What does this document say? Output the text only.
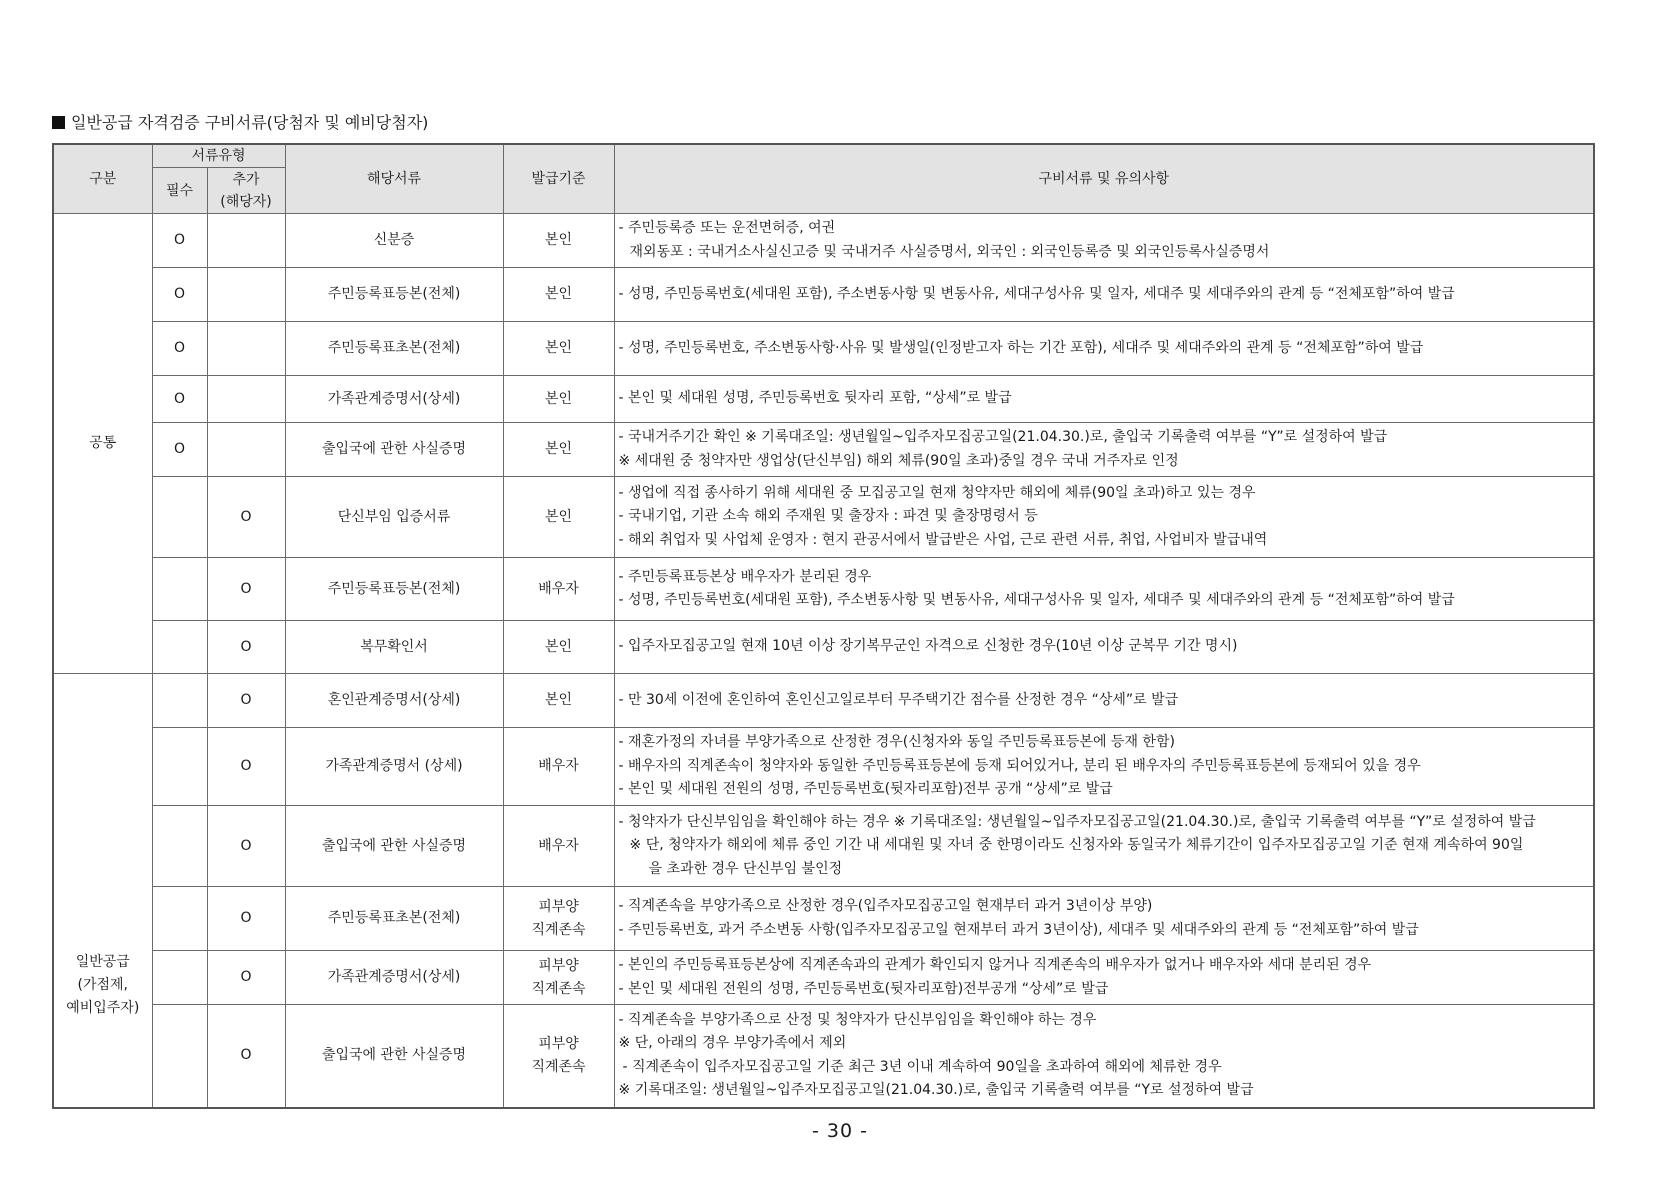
일반공급 자격검증 구비서류(당첨자 및 예비당첨자)
구분	서류유형		해당서류	발급기준	구비서류 및 유의사항
	필수	추가
(해당자)			

공통	O		신분증	본인	- 주민등록증 또는 운전면허증, 여권
재외동포 : 국내거소사실신고증 및 국내거주 사실증명서, 외국인 : 외국인등록증 및 외국인등록사실증명서

	O		주민등록표등본(전체)	본인	- 성명, 주민등록번호(세대원 포함), 주소변동사항 및 변동사유, 세대구성사유 및 일자, 세대주 및 세대주와의 관계 등 “전체포함”하여 발급

	O		주민등록표초본(전체)	본인	- 성명, 주민등록번호, 주소변동사항·사유 및 발생일(인정받고자 하는 기간 포함), 세대주 및 세대주와의 관계 등 “전체포함”하여 발급

	O		가족관계증명서(상세)	본인	- 본인 및 세대원 성명, 주민등록번호 뒷자리 포함, “상세”로 발급

	O		출입국에 관한 사실증명	본인	- 국내거주기간 확인 ※ 기록대조일: 생년월일~입주자모집공고일(21.04.30.)로, 출입국 기록출력 여부를 “Y”로 설정하여 발급
※ 세대원 중 청약자만 생업상(단신부임) 해외 체류(90일 초과)중일 경우 국내 거주자로 인정

		O	단신부임 입증서류	본인	- 생업에 직접 종사하기 위해 세대원 중 모집공고일 현재 청약자만 해외에 체류(90일 초과)하고 있는 경우
- 국내기업, 기관 소속 해외 주재원 및 출장자 : 파견 및 출장명령서 등
- 해외 취업자 및 사업체 운영자 : 현지 관공서에서 발급받은 사업, 근로 관련 서류, 취업, 사업비자 발급내역

		O	주민등록표등본(전체)	배우자	- 주민등록표등본상 배우자가 분리된 경우
- 성명, 주민등록번호(세대원 포함), 주소변동사항 및 변동사유, 세대구성사유 및 일자, 세대주 및 세대주와의 관계 등 “전체포함”하여 발급

		O	복무확인서	본인	- 입주자모집공고일 현재 10년 이상 장기복무군인 자격으로 신청한 경우(10년 이상 군복무 기간 명시)

일반공급
(가점제,
예비입주자)		O	혼인관계증명서(상세)	본인	- 만 30세 이전에 혼인하여 혼인신고일로부터 무주택기간 점수를 산정한 경우 “상세”로 발급

		O	가족관계증명서 (상세)	배우자	- 재혼가정의 자녀를 부양가족으로 산정한 경우(신청자와 동일 주민등록표등본에 등재 한함)
- 배우자의 직계존속이 청약자와 동일한 주민등록표등본에 등재 되어있거나, 분리 된 배우자의 주민등록표등본에 등재되어 있을 경우
- 본인 및 세대원 전원의 성명, 주민등록번호(뒷자리포함)전부 공개 “상세”로 발급

		O	출입국에 관한 사실증명	배우자	- 청약자가 단신부임임을 확인해야 하는 경우 ※ 기록대조일: 생년월일~입주자모집공고일(21.04.30.)로, 출입국 기록출력 여부를 “Y”로 설정하여 발급
※ 단, 청약자가 해외에 체류 중인 기간 내 세대원 및 자녀 중 한명이라도 신청자와 동일국가 체류기간이 입주자모집공고일 기준 현재 계속하여 90일
을 초과한 경우 단신부임 불인정

		O	주민등록표초본(전체)	피부양
직계존속	- 직계존속을 부양가족으로 산정한 경우(입주자모집공고일 현재부터 과거 3년이상 부양)
- 주민등록번호, 과거 주소변동 사항(입주자모집공고일 현재부터 과거 3년이상), 세대주 및 세대주와의 관계 등 “전체포함”하여 발급

		O	가족관계증명서(상세)	피부양
직계존속	- 본인의 주민등록표등본상에 직계존속과의 관계가 확인되지 않거나 직계존속의 배우자가 없거나 배우자와 세대 분리된 경우
- 본인 및 세대원 전원의 성명, 주민등록번호(뒷자리포함)전부공개 “상세”로 발급

		O	출입국에 관한 사실증명	피부양
직계존속	- 직계존속을 부양가족으로 산정 및 청약자가 단신부임임을 확인해야 하는 경우
※ 단, 아래의 경우 부양가족에서 제외
- 직계존속이 입주자모집공고일 기준 최근 3년 이내 계속하여 90일을 초과하여 해외에 체류한 경우
※ 기록대조일: 생년월일~입주자모집공고일(21.04.30.)로, 출입국 기록출력 여부를 “Y로 설정하여 발급
- 30 -
